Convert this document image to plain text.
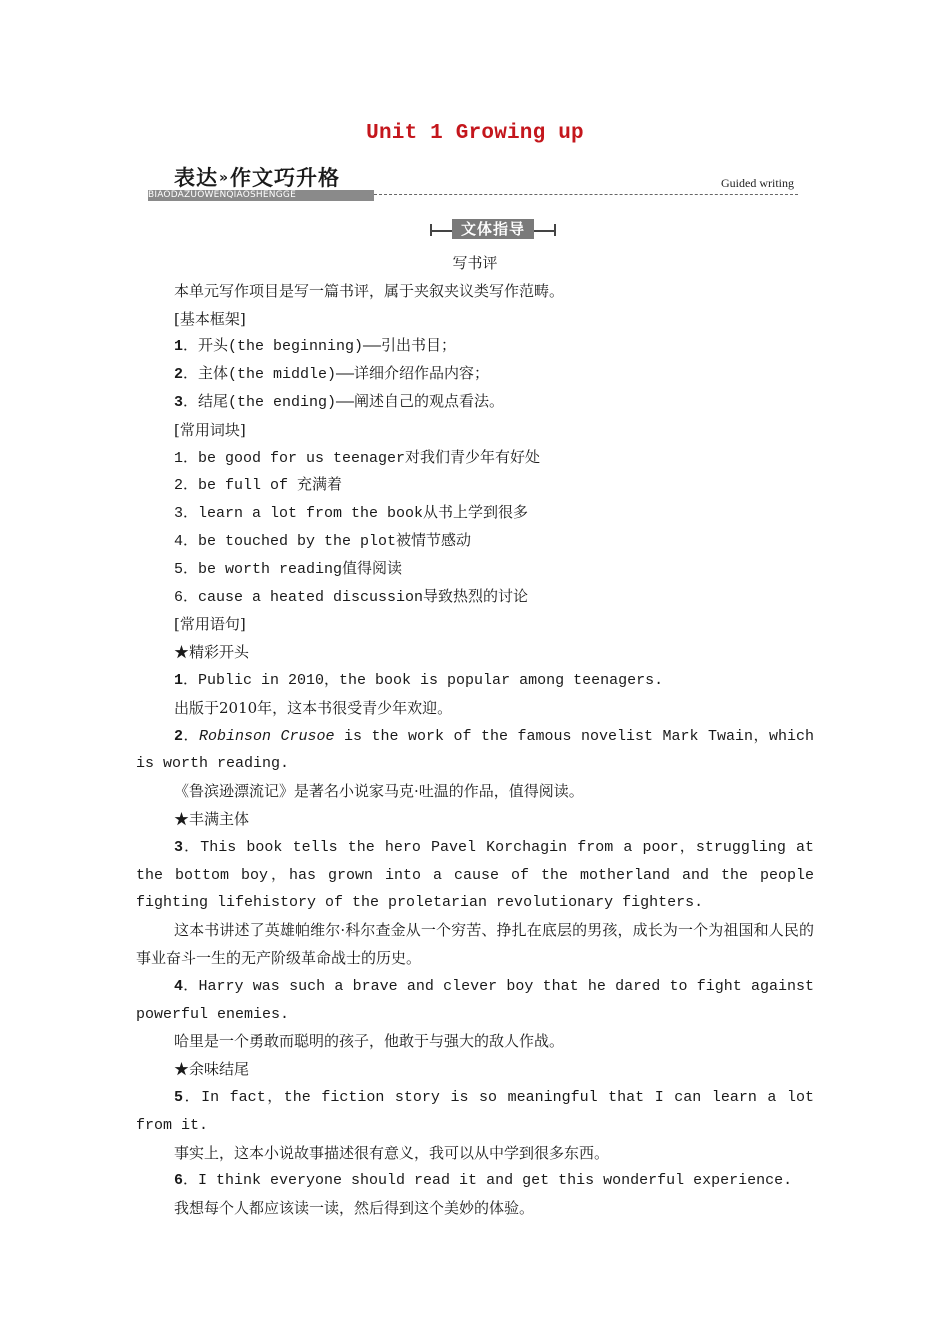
Unit 1 Growing up
表达»作文巧升格
BIAODAZUOWENQIAOSHENGGE
Guided writing
文体指导

写书评

本单元写作项目是写一篇书评，属于夹叙夹议类写作范畴。

[基本框架]

1．开头(the beginning)——引出书目；

2．主体(the middle)——详细介绍作品内容；

3．结尾(the ending)——阐述自己的观点看法。

[常用词块]

1．be good for us teenager对我们青少年有好处

2．be full of 充满着

3．learn a lot from the book从书上学到很多

4．be touched by the plot被情节感动

5．be worth reading值得阅读

6．cause a heated discussion导致热烈的讨论

[常用语句]

★精彩开头

1．Public in 2010，the book is popular among teenagers.

出版于2010年，这本书很受青少年欢迎。

2．Robinson Crusoe is the work of the famous novelist Mark Twain，which is worth reading.

《鲁滨逊漂流记》是著名小说家马克·吐温的作品，值得阅读。

★丰满主体

3．This book tells the hero Pavel Korchagin from a poor，struggling at the bottom boy，has grown into a cause of the motherland and the people fighting lifehistory of the proletarian revolutionary fighters.

这本书讲述了英雄帕维尔·科尔查金从一个穷苦、挣扎在底层的男孩，成长为一个为祖国和人民的事业奋斗一生的无产阶级革命战士的历史。

4．Harry was such a brave and clever boy that he dared to fight against powerful enemies.

哈里是一个勇敢而聪明的孩子，他敢于与强大的敌人作战。

★余味结尾

5．In fact，the fiction story is so meaningful that I can learn a lot from it.

事实上，这本小说故事描述很有意义，我可以从中学到很多东西。

6．I think everyone should read it and get this wonderful experience.

我想每个人都应该读一读，然后得到这个美妙的体验。
